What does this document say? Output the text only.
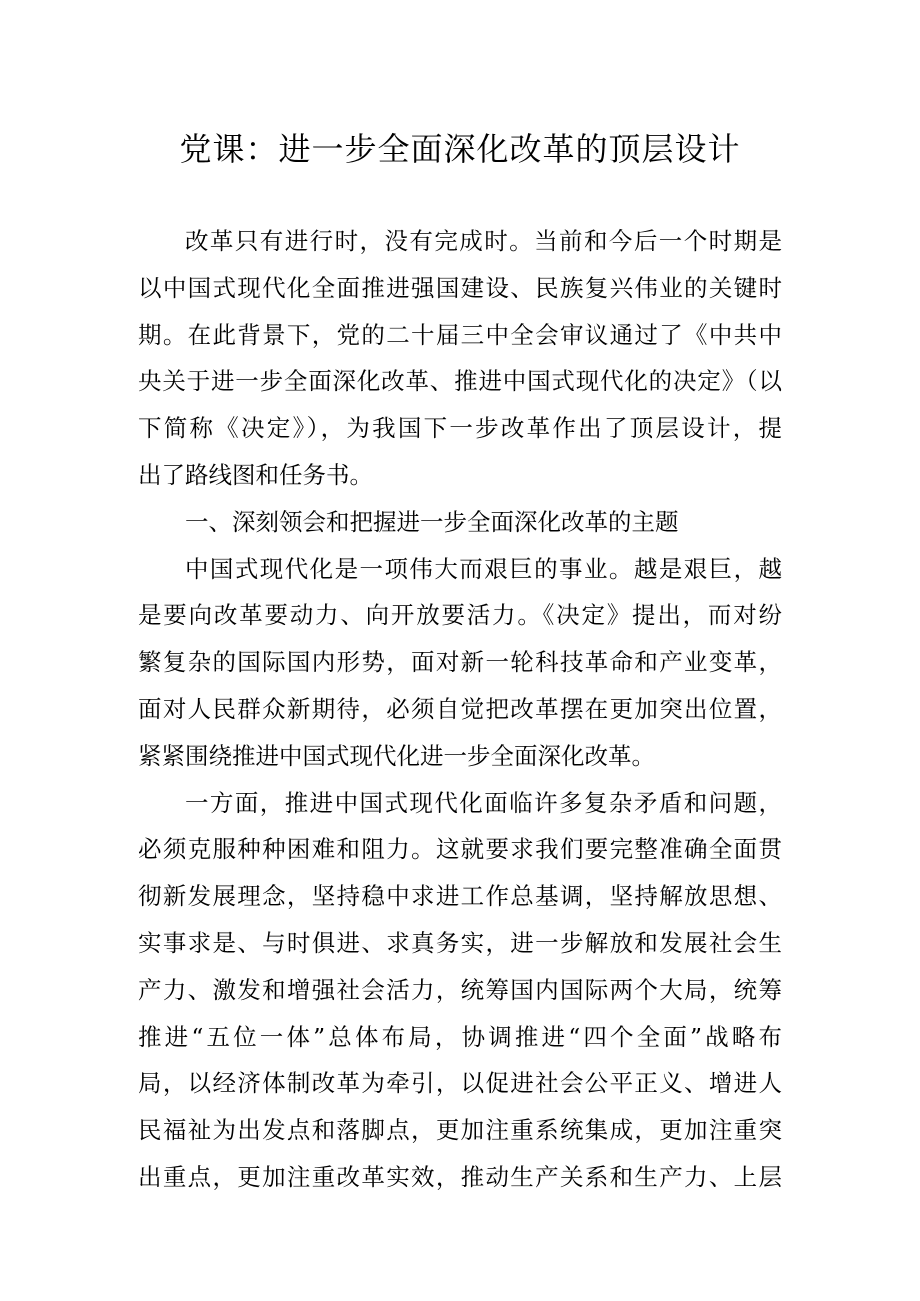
党课：进一步全面深化改革的顶层设计
改革只有进行时，没有完成时。当前和今后一个时期是
以中国式现代化全面推进强国建设、民族复兴伟业的关键时
期。在此背景下，党的二十届三中全会审议通过了《中共中
央关于进一步全面深化改革、推进中国式现代化的决定》（以
下简称《决定》），为我国下一步改革作出了顶层设计，提
出了路线图和任务书。
一、深刻领会和把握进一步全面深化改革的主题
中国式现代化是一项伟大而艰巨的事业。越是艰巨，越
是要向改革要动力、向开放要活力。《决定》提出，而对纷
繁复杂的国际国内形势，面对新一轮科技革命和产业变革，
面对人民群众新期待，必须自觉把改革摆在更加突出位置，
紧紧围绕推进中国式现代化进一步全面深化改革。
一方面，推进中国式现代化面临许多复杂矛盾和问题，
必须克服种种困难和阻力。这就要求我们要完整准确全面贯
彻新发展理念，坚持稳中求进工作总基调，坚持解放思想、
实事求是、与时俱进、求真务实，进一步解放和发展社会生
产力、激发和增强社会活力，统筹国内国际两个大局，统筹
推进“五位一体”总体布局，协调推进“四个全面”战略布
局，以经济体制改革为牵引，以促进社会公平正义、增进人
民福祉为出发点和落脚点，更加注重系统集成，更加注重突
出重点，更加注重改革实效，推动生产关系和生产力、上层
